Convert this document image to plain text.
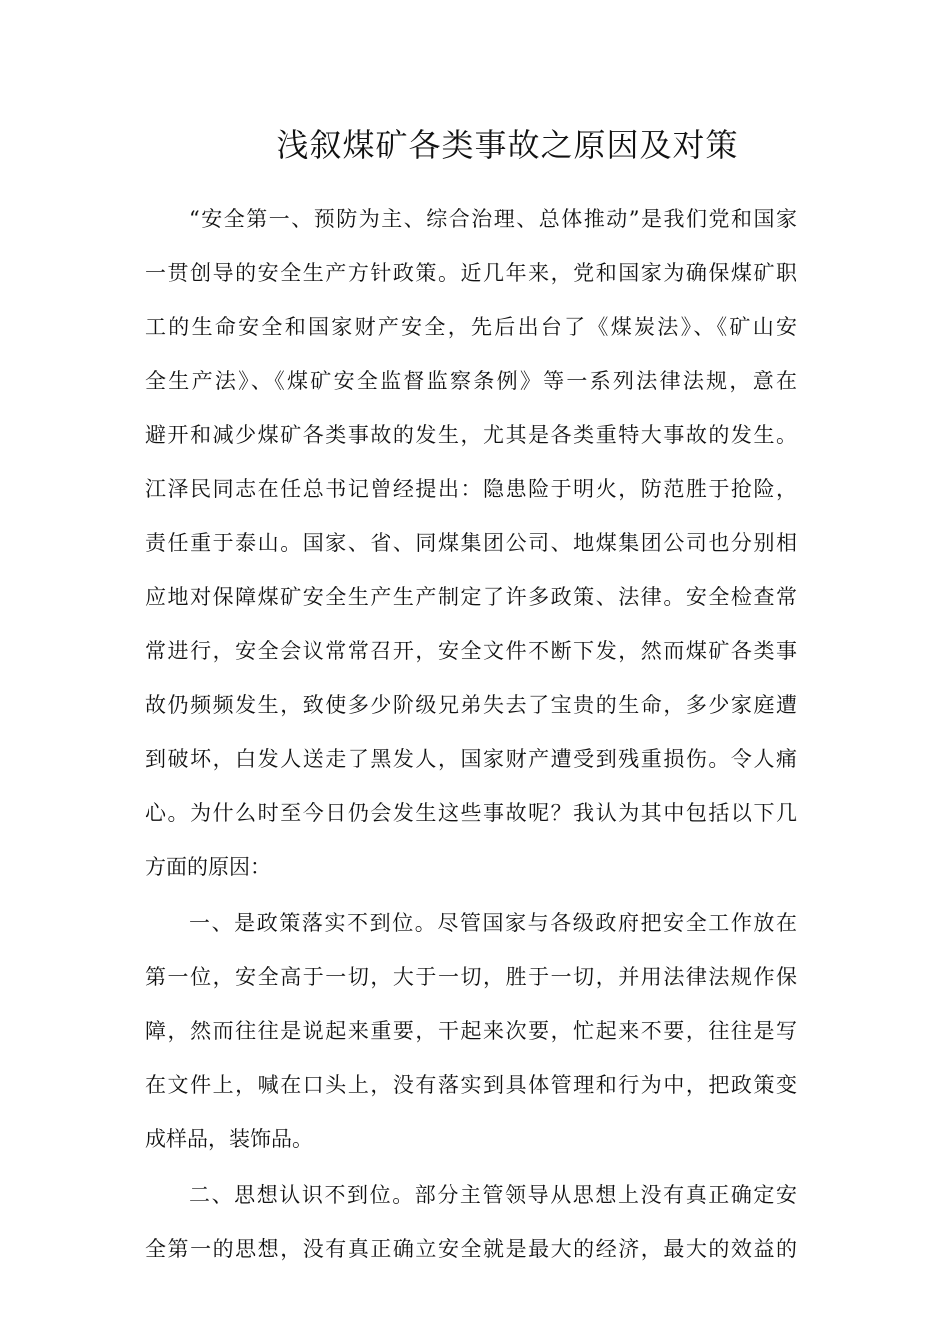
浅叙煤矿各类事故之原因及对策
“安全第一、预防为主、综合治理、总体推动”是我们党和国家
一贯创导的安全生产方针政策。近几年来，党和国家为确保煤矿职
工的生命安全和国家财产安全，先后出台了《煤炭法》、《矿山安
全生产法》、《煤矿安全监督监察条例》等一系列法律法规，意在
避开和减少煤矿各类事故的发生，尤其是各类重特大事故的发生。
江泽民同志在任总书记曾经提出：隐患险于明火，防范胜于抢险，
责任重于泰山。国家、省、同煤集团公司、地煤集团公司也分别相
应地对保障煤矿安全生产生产制定了许多政策、法律。安全检查常
常进行，安全会议常常召开，安全文件不断下发，然而煤矿各类事
故仍频频发生，致使多少阶级兄弟失去了宝贵的生命，多少家庭遭
到破坏，白发人送走了黑发人，国家财产遭受到残重损伤。令人痛
心。为什么时至今日仍会发生这些事故呢？我认为其中包括以下几
方面的原因：
一、是政策落实不到位。尽管国家与各级政府把安全工作放在
第一位，安全高于一切，大于一切，胜于一切，并用法律法规作保
障，然而往往是说起来重要，干起来次要，忙起来不要，往往是写
在文件上，喊在口头上，没有落实到具体管理和行为中，把政策变
成样品，装饰品。
二、思想认识不到位。部分主管领导从思想上没有真正确定安
全第一的思想，没有真正确立安全就是最大的经济，最大的效益的
